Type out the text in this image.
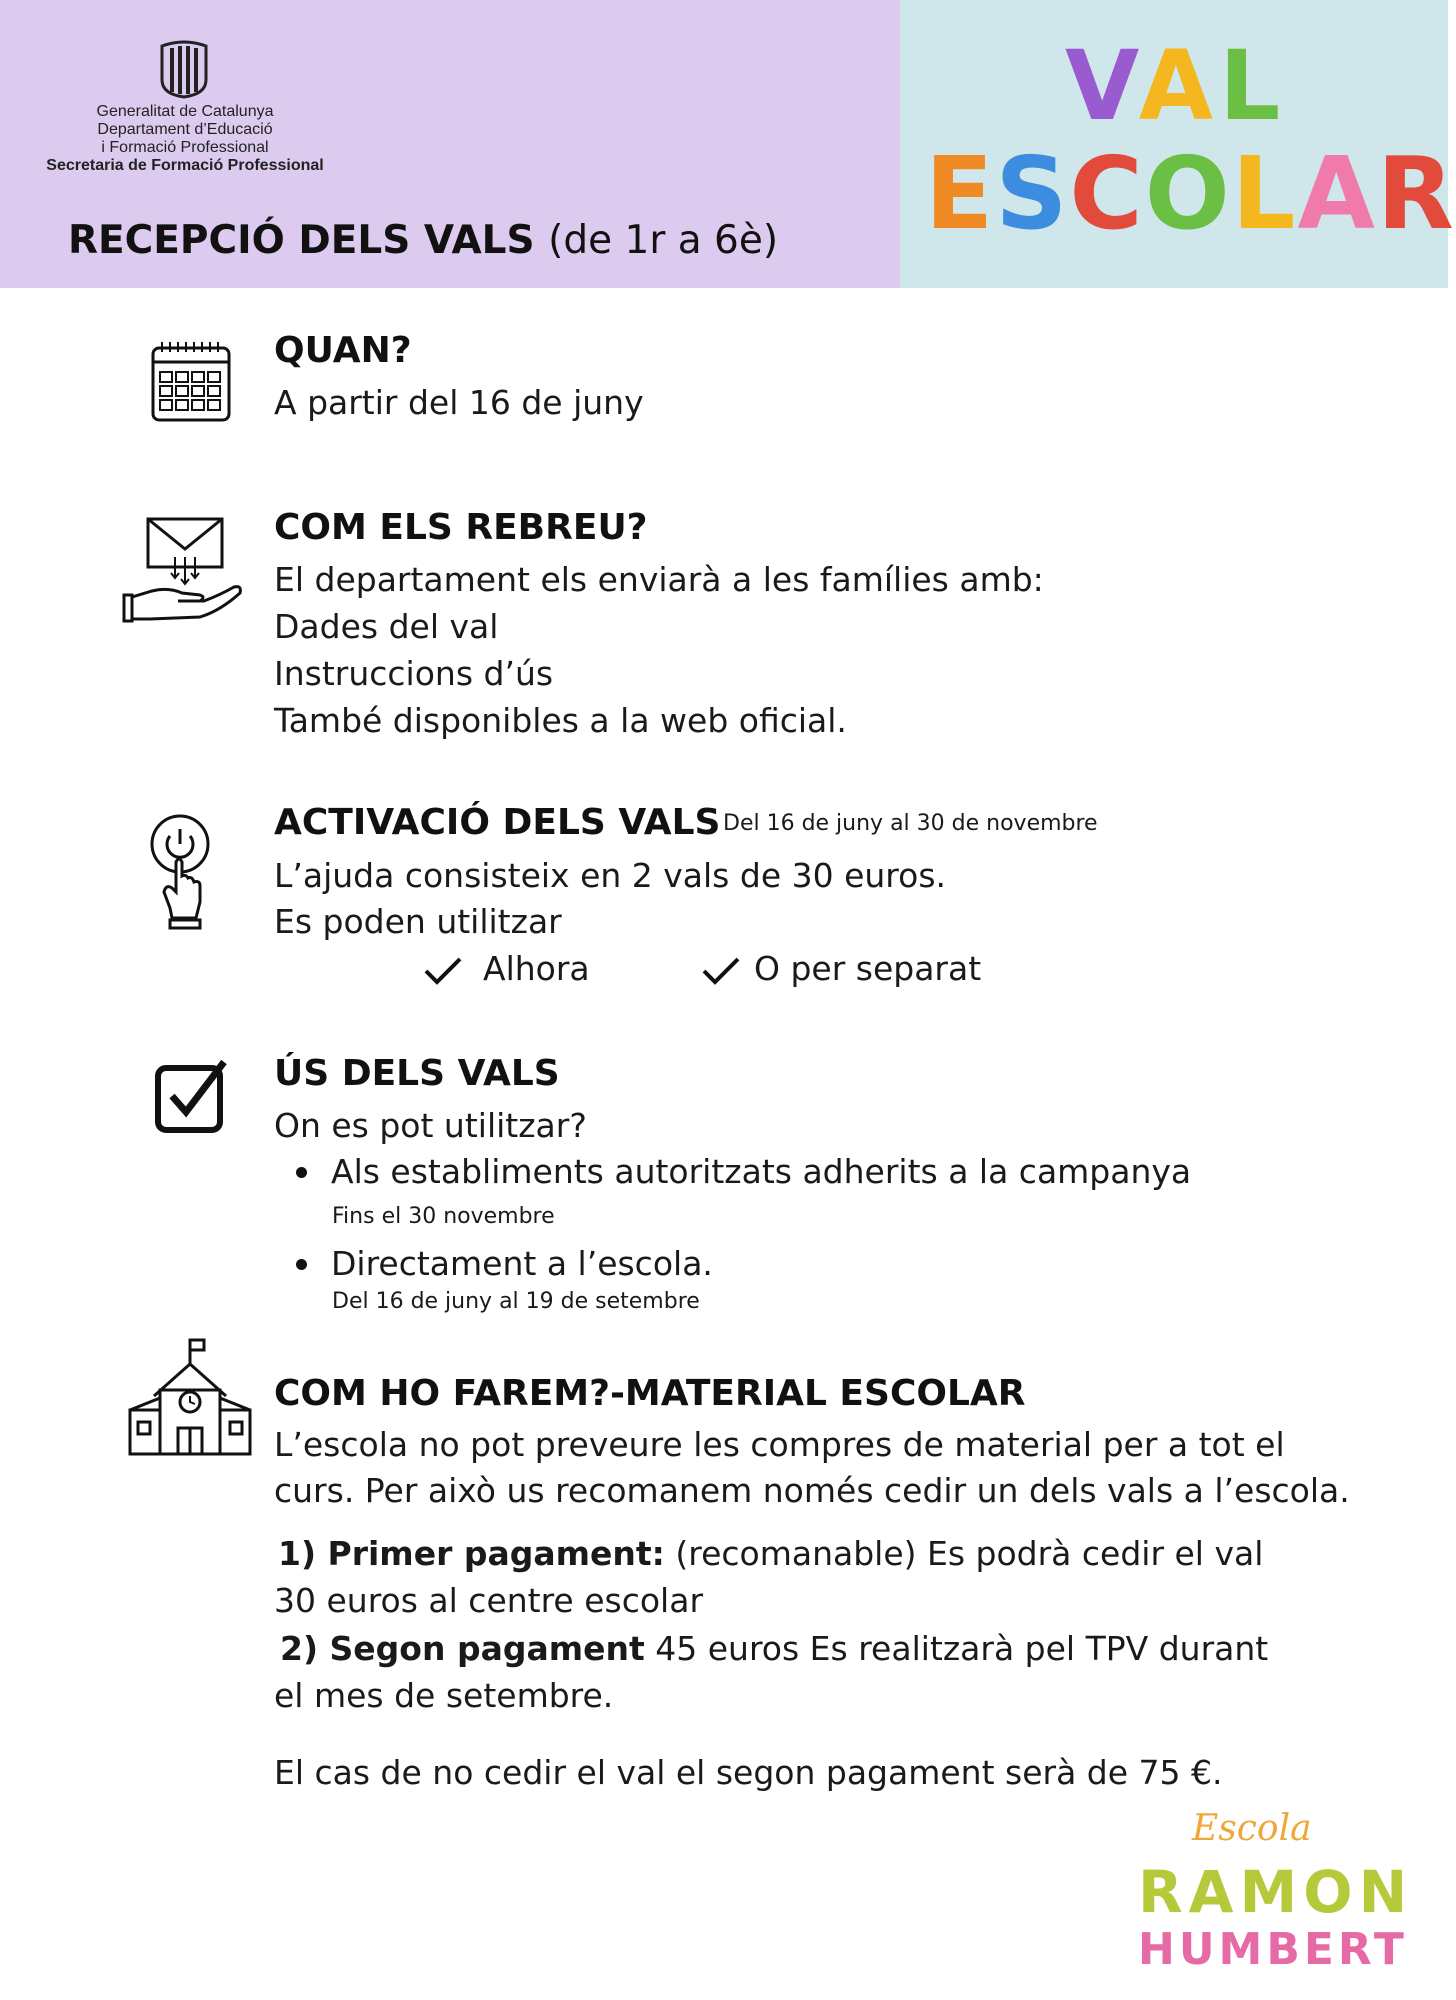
Generalitat de Catalunya
Departament d’Educació
i Formació Professional
Secretaria de Formació Professional
RECEPCIÓ DELS VALS (de 1r a 6è)
VAL
ESCOLAR
QUAN?
A partir del 16 de juny
COM ELS REBREU?
El departament els enviarà a les famílies amb:
Dades del val
Instruccions d’ús
També disponibles a la web oficial.
ACTIVACIÓ DELS VALS Del 16 de juny al 30 de novembre
L’ajuda consisteix en 2 vals de 30 euros.
Es poden utilitzar
Alhora	O per separat
ÚS DELS VALS
On es pot utilitzar?
Als establiments autoritzats adherits a la campanya
Fins el 30 novembre
Directament a l’escola.
Del 16 de juny al 19 de setembre
COM HO FAREM?-MATERIAL ESCOLAR
L’escola no pot preveure les compres de material per a tot el
curs. Per això us recomanem només cedir un dels vals a l’escola.
1) Primer pagament: (recomanable) Es podrà cedir el val
30 euros al centre escolar
2) Segon pagament 45 euros Es realitzarà pel TPV durant
el mes de setembre.
El cas de no cedir el val el segon pagament serà de 75 €.
Escola
RAMON
HUMBERT
